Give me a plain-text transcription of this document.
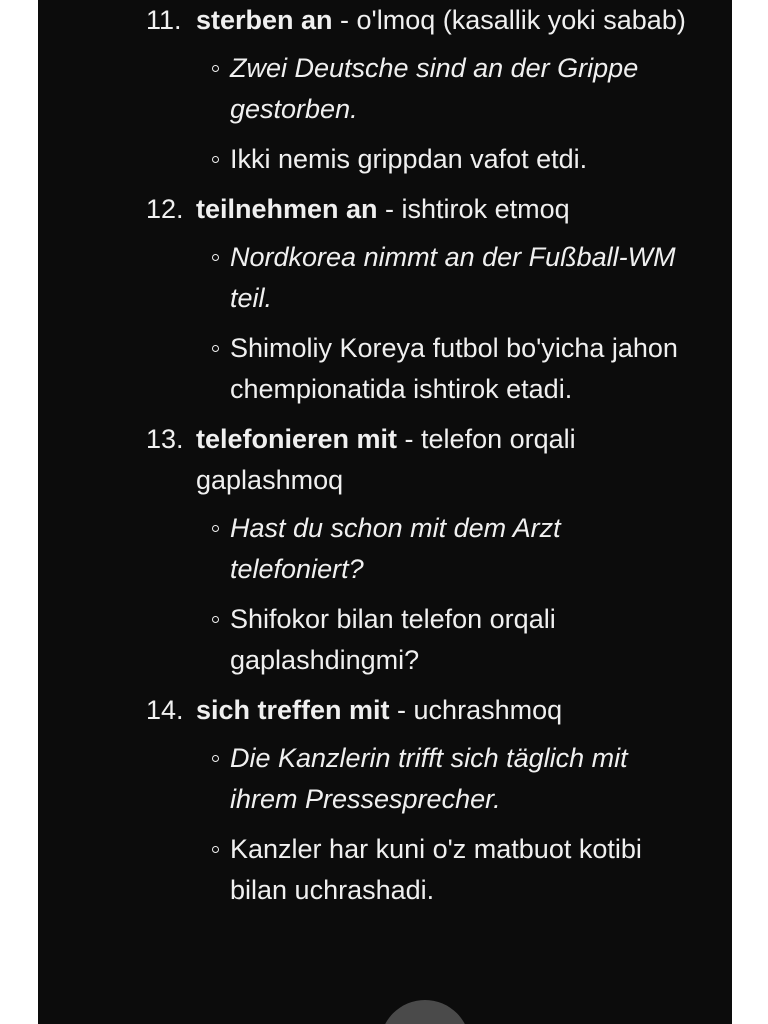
11. sterben an - o'lmoq (kasallik yoki sabab)
Zwei Deutsche sind an der Grippe gestorben.
Ikki nemis grippdan vafot etdi.
12. teilnehmen an - ishtirok etmoq
Nordkorea nimmt an der Fußball-WM teil.
Shimoliy Koreya futbol bo'yicha jahon chempionatida ishtirok etadi.
13. telefonieren mit - telefon orqali gaplashmoq
Hast du schon mit dem Arzt telefoniert?
Shifokor bilan telefon orqali gaplashdingmi?
14. sich treffen mit - uchrashmoq
Die Kanzlerin trifft sich täglich mit ihrem Pressesprecher.
Kanzler har kuni o'z matbuot kotibi bilan uchrashadi.
